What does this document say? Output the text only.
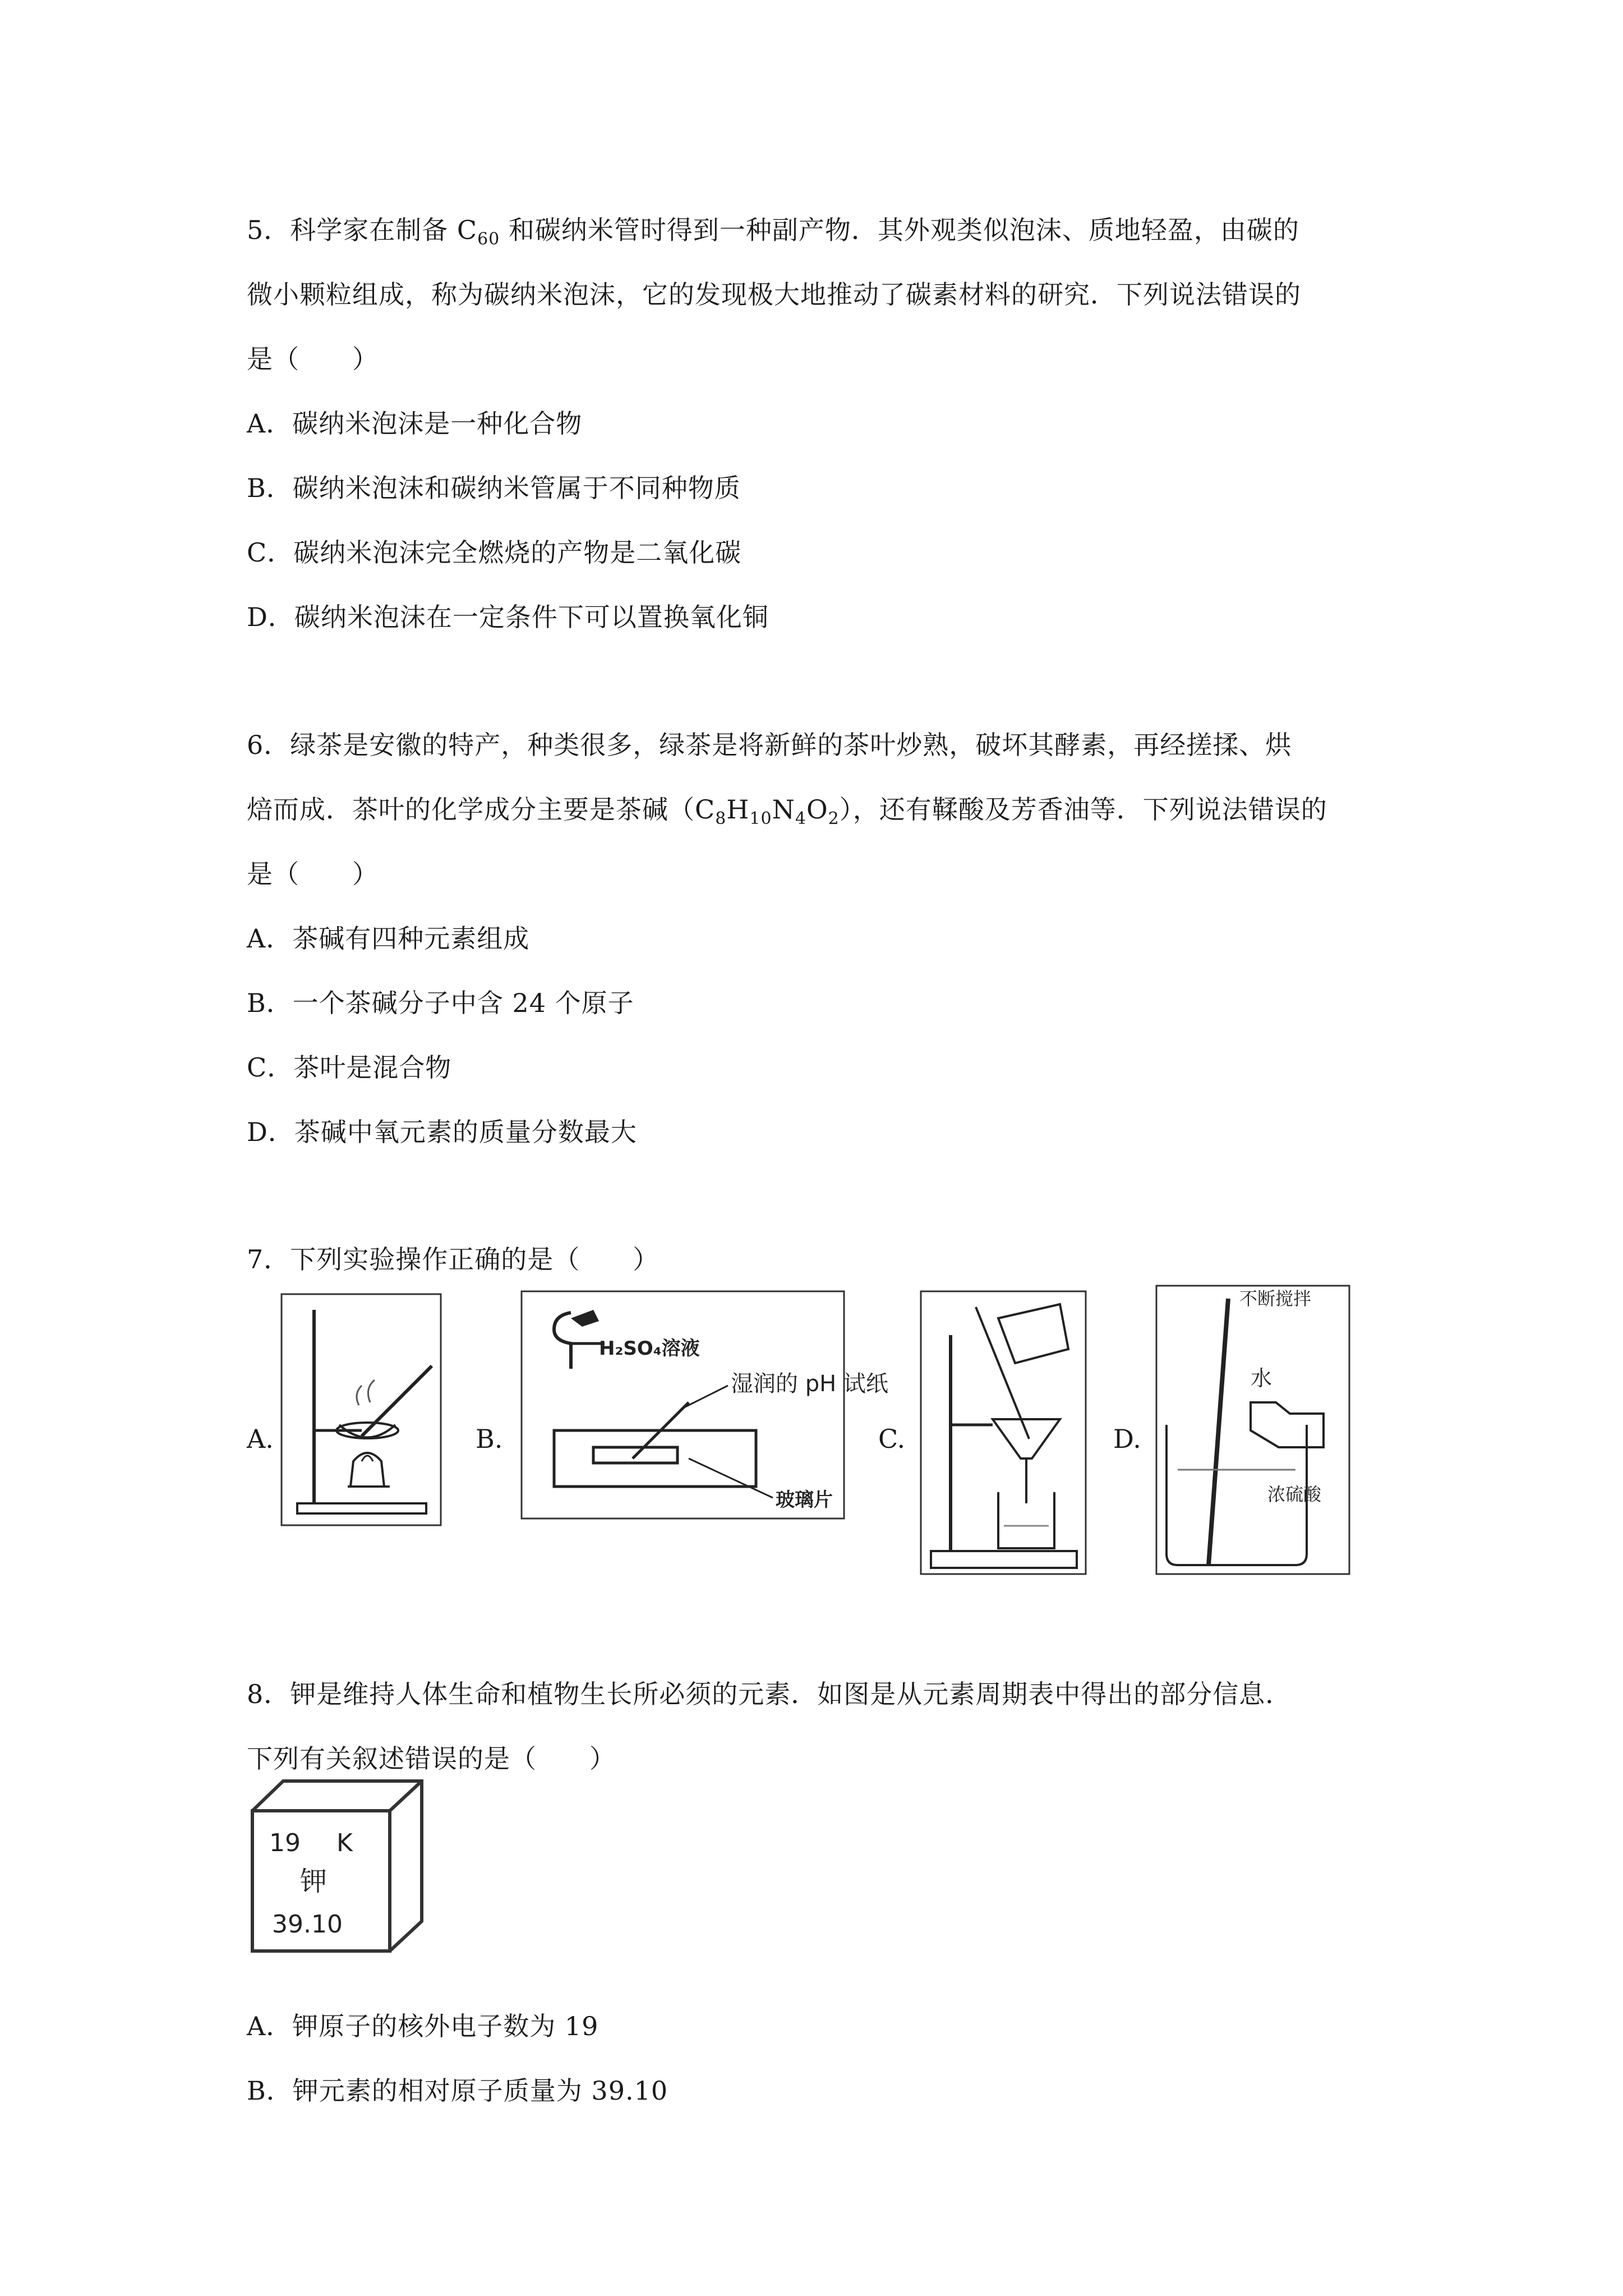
5．科学家在制备 $C_{60}$ 和碳纳米管时得到一种副产物．其外观类似泡沫、质地轻盈，由碳的
微小颗粒组成，称为碳纳米泡沫，它的发现极大地推动了碳素材料的研究．下列说法错误的
是（　　）
A．碳纳米泡沫是一种化合物
B．碳纳米泡沫和碳纳米管属于不同种物质
C．碳纳米泡沫完全燃烧的产物是二氧化碳
D．碳纳米泡沫在一定条件下可以置换氧化铜
6．绿茶是安徽的特产，种类很多，绿茶是将新鲜的茶叶炒熟，破坏其酵素，再经搓揉、烘
焙而成．茶叶的化学成分主要是茶碱$(C_8H_{10}N_4O_2)$，还有鞣酸及芳香油等．下列说法错误的
是（　　）
A．茶碱有四种元素组成
B．一个茶碱分子中含 24 个原子
C．茶叶是混合物
D．茶碱中氧元素的质量分数最大
7．下列实验操作正确的是（　　）
A.	B.	C.	D.
H₂SO₄溶液
湿润的 pH 试纸
玻璃片
不断搅拌
水
浓硫酸
8．钾是维持人体生命和植物生长所必须的元素．如图是从元素周期表中得出的部分信息．
下列有关叙述错误的是（　　）
19 K
钾
39.10
A．钾原子的核外电子数为 19
B．钾元素的相对原子质量为 39.10
